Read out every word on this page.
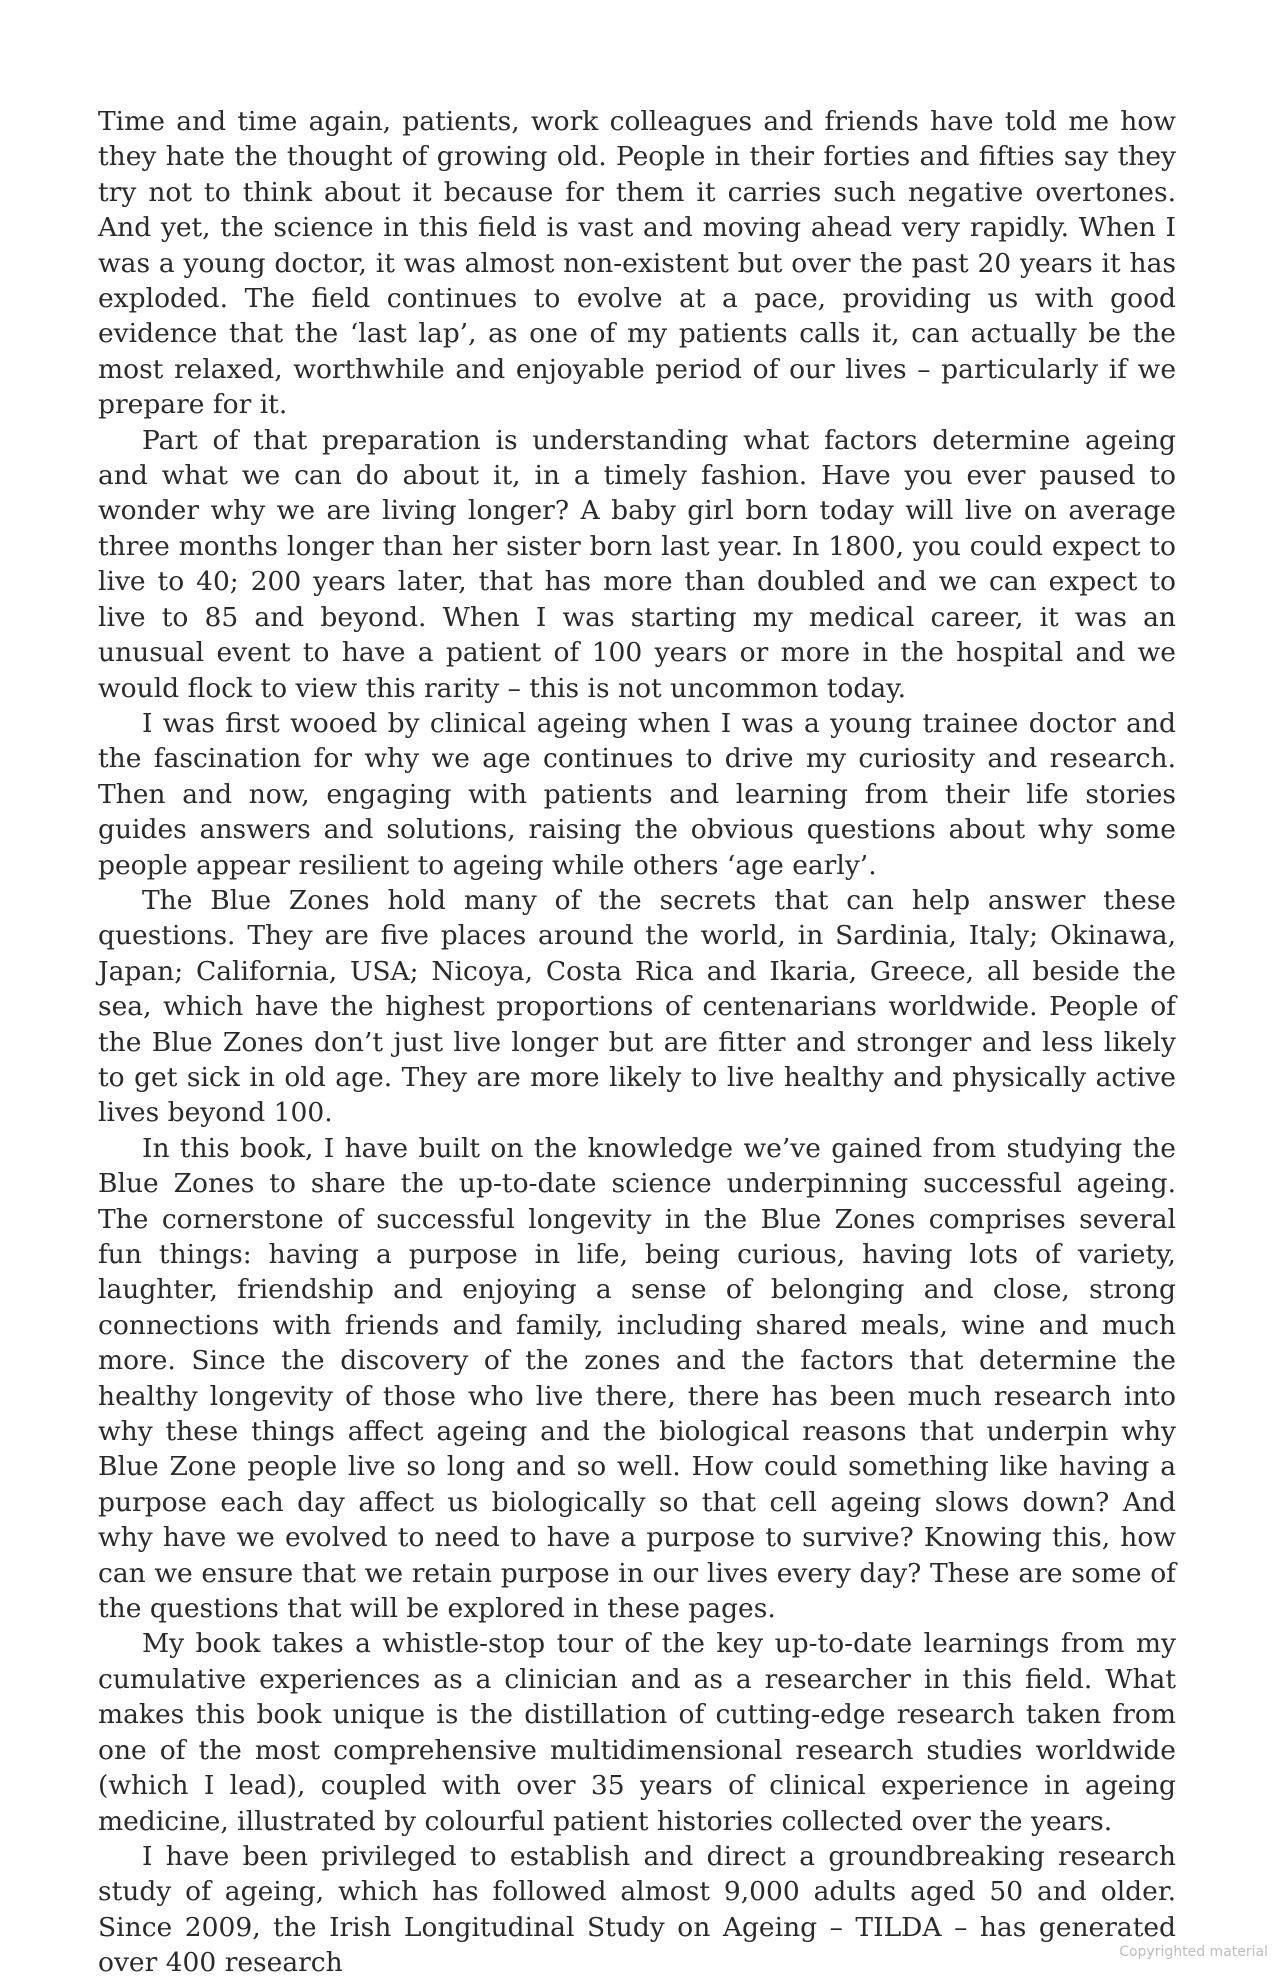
Time and time again, patients, work colleagues and friends have told me how they hate the thought of growing old. People in their forties and fifties say they try not to think about it because for them it carries such negative overtones. And yet, the science in this field is vast and moving ahead very rapidly. When I was a young doctor, it was almost non-existent but over the past 20 years it has exploded. The field continues to evolve at a pace, providing us with good evidence that the ‘last lap’, as one of my patients calls it, can actually be the most relaxed, worthwhile and enjoyable period of our lives – particularly if we prepare for it.

Part of that preparation is understanding what factors determine ageing and what we can do about it, in a timely fashion. Have you ever paused to wonder why we are living longer? A baby girl born today will live on average three months longer than her sister born last year. In 1800, you could expect to live to 40; 200 years later, that has more than doubled and we can expect to live to 85 and beyond. When I was starting my medical career, it was an unusual event to have a patient of 100 years or more in the hospital and we would flock to view this rarity – this is not uncommon today.

I was first wooed by clinical ageing when I was a young trainee doctor and the fascination for why we age continues to drive my curiosity and research. Then and now, engaging with patients and learning from their life stories guides answers and solutions, raising the obvious questions about why some people appear resilient to ageing while others ‘age early’.

The Blue Zones hold many of the secrets that can help answer these questions. They are five places around the world, in Sardinia, Italy; Okinawa, Japan; California, USA; Nicoya, Costa Rica and Ikaria, Greece, all beside the sea, which have the highest proportions of centenarians worldwide. People of the Blue Zones don’t just live longer but are fitter and stronger and less likely to get sick in old age. They are more likely to live healthy and physically active lives beyond 100.

In this book, I have built on the knowledge we’ve gained from studying the Blue Zones to share the up-to-date science underpinning successful ageing. The cornerstone of successful longevity in the Blue Zones comprises several fun things: having a purpose in life, being curious, having lots of variety, laughter, friendship and enjoying a sense of belonging and close, strong connections with friends and family, including shared meals, wine and much more. Since the discovery of the zones and the factors that determine the healthy longevity of those who live there, there has been much research into why these things affect ageing and the biological reasons that underpin why Blue Zone people live so long and so well. How could something like having a purpose each day affect us biologically so that cell ageing slows down? And why have we evolved to need to have a purpose to survive? Knowing this, how can we ensure that we retain purpose in our lives every day? These are some of the questions that will be explored in these pages.

My book takes a whistle-stop tour of the key up-to-date learnings from my cumulative experiences as a clinician and as a researcher in this field. What makes this book unique is the distillation of cutting-edge research taken from one of the most comprehensive multidimensional research studies worldwide (which I lead), coupled with over 35 years of clinical experience in ageing medicine, illustrated by colourful patient histories collected over the years.

I have been privileged to establish and direct a groundbreaking research study of ageing, which has followed almost 9,000 adults aged 50 and older. Since 2009, the Irish Longitudinal Study on Ageing – TILDA – has generated over 400 research	Copyrighted material
